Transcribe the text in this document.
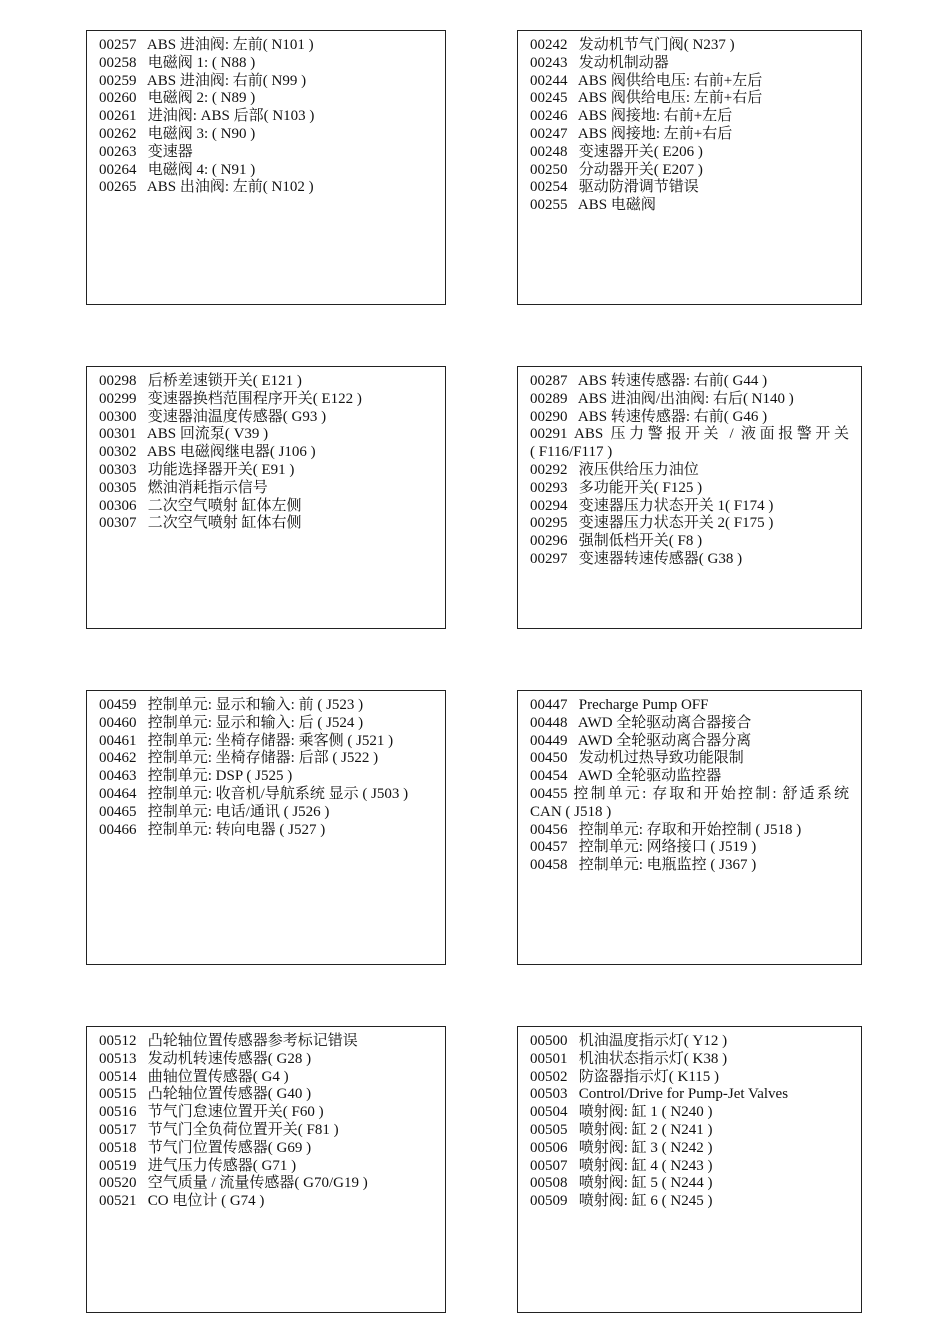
00257   ABS 进油阀: 左前( N101 )
00258   电磁阀 1: ( N88 )
00259   ABS 进油阀: 右前( N99 )
00260   电磁阀 2: ( N89 )
00261   进油阀: ABS 后部( N103 )
00262   电磁阀 3: ( N90 )
00263   变速器
00264   电磁阀 4: ( N91 )
00265   ABS 出油阀: 左前( N102 )
00242   发动机节气门阀( N237 )
00243   发动机制动器
00244   ABS 阀供给电压: 右前+左后
00245   ABS 阀供给电压: 左前+右后
00246   ABS 阀接地: 右前+左后
00247   ABS 阀接地: 左前+右后
00248   变速器开关( E206 )
00250   分动器开关( E207 )
00254   驱动防滑调节错误
00255   ABS 电磁阀
00298   后桥差速锁开关( E121 )
00299   变速器换档范围程序开关( E122 )
00300   变速器油温度传感器( G93 )
00301   ABS 回流泵( V39 )
00302   ABS 电磁阀继电器( J106 )
00303   功能选择器开关( E91 )
00305   燃油消耗指示信号
00306   二次空气喷射 缸体左侧
00307   二次空气喷射 缸体右侧
00287   ABS 转速传感器: 右前( G44 )
00289   ABS 进油阀/出油阀: 右后( N140 )
00290   ABS 转速传感器: 右前( G46 )
00291 ABS 压力警报开关 / 液面报警开关
( F116/F117 )
00292   液压供给压力油位
00293   多功能开关( F125 )
00294   变速器压力状态开关 1( F174 )
00295   变速器压力状态开关 2( F175 )
00296   强制低档开关( F8 )
00297   变速器转速传感器( G38 )
00459   控制单元: 显示和输入: 前 ( J523 )
00460   控制单元: 显示和输入: 后 ( J524 )
00461   控制单元: 坐椅存储器: 乘客侧 ( J521 )
00462   控制单元: 坐椅存储器: 后部 ( J522 )
00463   控制单元: DSP ( J525 )
00464   控制单元: 收音机/导航系统 显示 ( J503 )
00465   控制单元: 电话/通讯 ( J526 )
00466   控制单元: 转向电器 ( J527 )
00447   Precharge Pump OFF
00448   AWD 全轮驱动离合器接合
00449   AWD 全轮驱动离合器分离
00450   发动机过热导致功能限制
00454   AWD 全轮驱动监控器
00455 控制单元: 存取和开始控制: 舒适系统
CAN ( J518 )
00456   控制单元: 存取和开始控制 ( J518 )
00457   控制单元: 网络接口 ( J519 )
00458   控制单元: 电瓶监控 ( J367 )
00512   凸轮轴位置传感器参考标记错误
00513   发动机转速传感器( G28 )
00514   曲轴位置传感器( G4 )
00515   凸轮轴位置传感器( G40 )
00516   节气门怠速位置开关( F60 )
00517   节气门全负荷位置开关( F81 )
00518   节气门位置传感器( G69 )
00519   进气压力传感器( G71 )
00520   空气质量 / 流量传感器( G70/G19 )
00521   CO 电位计 ( G74 )
00500   机油温度指示灯( Y12 )
00501   机油状态指示灯( K38 )
00502   防盗器指示灯( K115 )
00503   Control/Drive for Pump-Jet Valves
00504   喷射阀: 缸 1 ( N240 )
00505   喷射阀: 缸 2 ( N241 )
00506   喷射阀: 缸 3 ( N242 )
00507   喷射阀: 缸 4 ( N243 )
00508   喷射阀: 缸 5 ( N244 )
00509   喷射阀: 缸 6 ( N245 )
